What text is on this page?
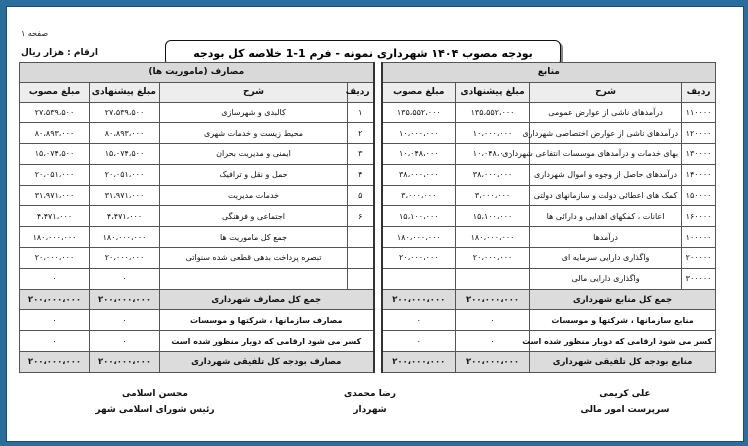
صفحه ۱
ارقام : هزار ریال	بودجه مصوب ۱۴۰۴ شهرداری نمونه - فرم 1-1 خلاصه کل بودجه
منابع					مصارف (ماموریت ها)			
ردیف	شرح	مبلغ پیشنهادی	مبلغ مصوب		ردیف	شرح	مبلغ پیشنهادی	مبلغ مصوب
۱۱۰۰۰۰	درآمدهای ناشی از عوارض عمومی	۱۳۵،۵۵۲،۰۰۰	۱۳۵،۵۵۲،۰۰۰		۱	کالبدی و شهرسازی	۲۷،۵۳۹،۵۰۰	۲۷،۵۳۹،۵۰۰
۱۲۰۰۰۰	درآمدهای ناشی از عوارض اختصاصی شهرداری	۱۰،۰۰۰،۰۰۰	۱۰،۰۰۰،۰۰۰		۲	محیط زیست و خدمات شهری	۸۰،۸۹۳،۰۰۰	۸۰،۸۹۳،۰۰۰
۱۳۰۰۰۰	بهای خدمات و درآمدهای موسسات انتفاعی شهرداری	۱۰،۰۴۸،۰۰۰	۱۰،۰۴۸،۰۰۰		۳	ایمنی و مدیریت بحران	۱۵،۰۷۴،۵۰۰	۱۵،۰۷۴،۵۰۰
۱۴۰۰۰۰	درآمدهای حاصل از وجوه و اموال شهرداری	۳۸،۰۰۰،۰۰۰	۳۸،۰۰۰،۰۰۰		۴	حمل و نقل و ترافیک	۲۰،۰۵۱،۰۰۰	۲۰،۰۵۱،۰۰۰
۱۵۰۰۰۰	کمک های اعطائی دولت و سازمانهای دولتی	۳،۰۰۰،۰۰۰	۳،۰۰۰،۰۰۰		۵	خدمات مدیریت	۳۱،۹۷۱،۰۰۰	۳۱،۹۷۱،۰۰۰
۱۶۰۰۰۰	اعانات ، کمکهای اهدایی و دارائی ها	۱۵،۱۰۰،۰۰۰	۱۵،۱۰۰،۰۰۰		۶	اجتماعی و فرهنگی	۴،۴۷۱،۰۰۰	۴،۴۷۱،۰۰۰
۱۰۰۰۰۰	درآمدها	۱۸۰،۰۰۰،۰۰۰	۱۸۰،۰۰۰،۰۰۰			جمع کل ماموریت ها	۱۸۰،۰۰۰،۰۰۰	۱۸۰،۰۰۰،۰۰۰
۲۰۰۰۰۰	واگذاری دارایی سرمایه ای	۲۰،۰۰۰،۰۰۰	۲۰،۰۰۰،۰۰۰			تبصره پرداخت بدهی قطعی شده سنواتی	۲۰،۰۰۰،۰۰۰	۲۰،۰۰۰،۰۰۰
۳۰۰۰۰۰	واگذاری دارایی مالی						۰	۰
جمع کل منابع شهرداری		۲۰۰،۰۰۰،۰۰۰	۲۰۰،۰۰۰،۰۰۰		جمع کل مصارف شهرداری		۲۰۰،۰۰۰،۰۰۰	۲۰۰،۰۰۰،۰۰۰
منابع سازمانها ، شرکتها و موسسات		۰	۰		مصارف سازمانها ، شرکتها و موسسات		۰	۰
کسر می شود ارقامی که دوبار منظور شده است		۰	۰		کسر می شود ارقامی که دوبار منظور شده است		۰	۰
منابع بودجه کل تلفیقی شهرداری		۲۰۰،۰۰۰،۰۰۰	۲۰۰،۰۰۰،۰۰۰		مصارف بودجه کل تلفیقی شهرداری		۲۰۰،۰۰۰،۰۰۰	۲۰۰،۰۰۰،۰۰۰
علی کریمی
سرپرست امور مالی
رضا محمدی
شهردار
محسن اسلامی
رئیس شورای اسلامی شهر
